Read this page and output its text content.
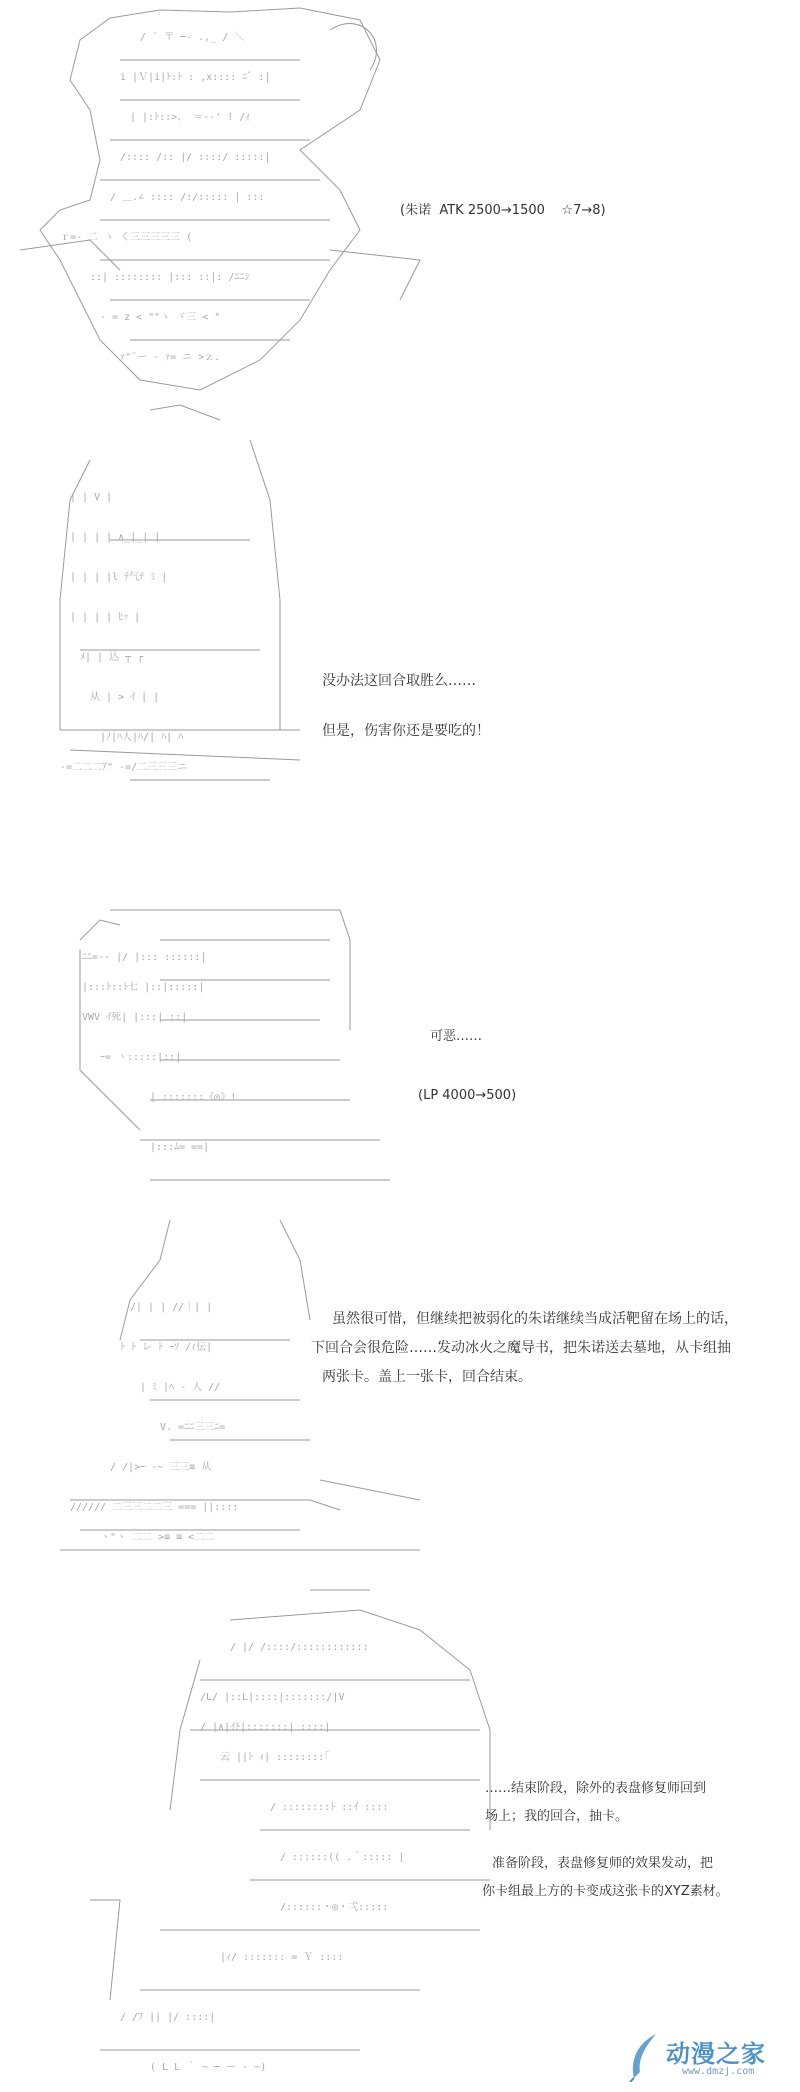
/ ¨ 〒 ─‐ .,_ / ＼
i |Ｖ|i|ﾄ:ﾄ : ,x:::: ﾆﾞ :|
| |:ﾄ::>、 ＝-‐' ! /ｨ
/:::: /:: |/ ::::/ :::::|
/ ＿.∠ :::: /:/::::: | :::
ｒ=- 二 ヽ く三三三三三 (
::| :::::::: |::: ::|: /ﾆﾆｼ
- = z < ""ヽ ヾ三 < "
ｧ"¨ー ‐ ｧ= ニ >ｚ.
(朱诺  ATK 2500→1500    ☆7→8)
| | V |
| | | | ∧_|_| |
| | | |l ﾃ气ﾃ ﾐ |
| | | | ﾋｯ |
ﾒ| | 込 ┬ ┌
从 | > ｲ | |
|ﾉ|ﾊ人|ﾊ/| ﾊ| ﾊ
-=二二二ｱ" -=/二三三三ニ
没办法这回合取胜么……
但是，伤害你还是要吃的！
ﾆﾆ=-- |/ |::: ::::::|
|:::ﾄ::ﾄ七 |::|:::::|
VWV ｲ死| |:::| ::|
ｰ= ヽ:::::|::|
| :::::::《◎》!
|:::ﾑ= ==|
可恶……
(LP 4000→500)
/| | | //｜| |
ﾄ ﾄ レ ﾄ ｰｿ /ｨ伝|
| ﾐ |ﾍ ‐ 人 //
V. =ﾆﾆ三三ﾆ=
/ /|>ｰ ‐~ 三三≡ 从
////// 二三三二二三 === ||::::
ヽ"ヽ 二二 >≡ ≡ <二二
虽然很可惜，但继续把被弱化的朱诺继续当成活靶留在场上的话，
下回合会很危险……发动冰火之魔导书，把朱诺送去墓地，从卡组抽
两张卡。盖上一张卡，回合结束。
/ |/ /::::/::::::::::::
/L/ |::L|::::|:::::::/|V
/ |∧|ｲﾄ|:::::::| ::::|
云 ||ﾄ ｨ| ::::::::｢
/ ::::::::ﾄ ::ｲ ::::
/ ::::::(( .｀::::: |
/::::::・◎・弌:::::
|ｨ/ ::::::: = Ｙ ::::
/ /ﾌ || |/ ::::|
( L L ｀ ~ ─ ー ‐ ~)
……结束阶段，除外的表盘修复师回到
场上；我的回合，抽卡。
准备阶段，表盘修复师的效果发动，把
你卡组最上方的卡变成这张卡的XYZ素材。
动漫之家
www.dmzj.com
